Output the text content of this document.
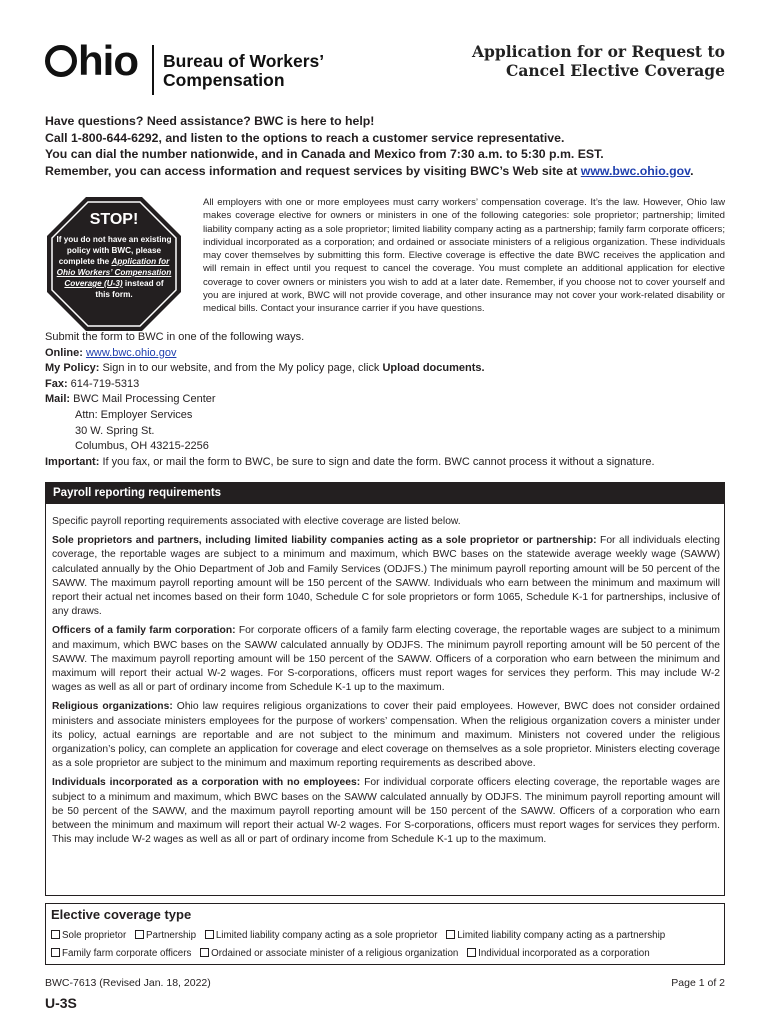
hio Bureau of Workers’
Compensation
Application for or Request to
Cancel Elective Coverage
Have questions? Need assistance? BWC is here to help!
Call 1-800-644-6292, and listen to the options to reach a customer service representative.
You can dial the number nationwide, and in Canada and Mexico from 7:30 a.m. to 5:30 p.m. EST.
Remember, you can access information and request services by visiting BWC’s Web site at www.bwc.ohio.gov.
STOP!
If you do not have an existing policy with BWC, please complete the Application for Ohio Workers’ Compensation Coverage (U-3) instead of this form.
All employers with one or more employees must carry workers’ compensation coverage. It’s the law. However, Ohio law makes coverage elective for owners or ministers in one of the following categories: sole proprietor; partnership; limited liability company acting as a sole proprietor; limited liability company acting as a partnership; family farm corporate officers; individual incorporated as a corporation; and ordained or associate ministers of a religious organization. These individuals may cover themselves by submitting this form. Elective coverage is effective the date BWC receives the application and will remain in effect until you request to cancel the coverage. You must complete an additional application for elective coverage to cover owners or ministers you wish to add at a later date. Remember, if you choose not to cover yourself and you are injured at work, BWC will not provide coverage, and other insurance may not cover your work-related disability or medical bills. Contact your insurance carrier if you have questions.
Submit the form to BWC in one of the following ways.
Online: www.bwc.ohio.gov
My Policy: Sign in to our website, and from the My policy page, click Upload documents.
Fax: 614-719-5313
Mail: BWC Mail Processing Center
Attn: Employer Services
30 W. Spring St.
Columbus, OH 43215-2256
Important: If you fax, or mail the form to BWC, be sure to sign and date the form. BWC cannot process it without a signature.
Payroll reporting requirements

Specific payroll reporting requirements associated with elective coverage are listed below.

Sole proprietors and partners, including limited liability companies acting as a sole proprietor or partnership: For all individuals electing coverage, the reportable wages are subject to a minimum and maximum, which BWC bases on the statewide average weekly wage (SAWW) calculated annually by the Ohio Department of Job and Family Services (ODJFS.) The minimum payroll reporting amount will be 50 percent of the SAWW. The maximum payroll reporting amount will be 150 percent of the SAWW. Individuals who earn between the minimum and maximum will report their actual net incomes based on their form 1040, Schedule C for sole proprietors or form 1065, Schedule K-1 for partnerships, inclusive of any draws.

Officers of a family farm corporation: For corporate officers of a family farm electing coverage, the reportable wages are subject to a minimum and maximum, which BWC bases on the SAWW calculated annually by ODJFS. The minimum payroll reporting amount will be 50 percent of the SAWW. The maximum payroll reporting amount will be 150 percent of the SAWW. Officers of a corporation who earn between the minimum and maximum will report their actual W-2 wages. For S-corporations, officers must report wages for services they perform. This may include W-2 wages as well as all or part of ordinary income from Schedule K-1 up to the maximum.

Religious organizations: Ohio law requires religious organizations to cover their paid employees. However, BWC does not consider ordained ministers and associate ministers employees for the purpose of workers’ compensation. When the religious organization covers a minister under its policy, actual earnings are reportable and are not subject to the minimum and maximum. Ministers not covered under the religious organization’s policy, can complete an application for coverage and elect coverage on themselves as a sole proprietor. Ministers electing coverage as a sole proprietor are subject to the minimum and maximum reporting requirements as described above.

Individuals incorporated as a corporation with no employees: For individual corporate officers electing coverage, the reportable wages are subject to a minimum and maximum, which BWC bases on the SAWW calculated annually by ODJFS. The minimum payroll reporting amount will be 50 percent of the SAWW, and the maximum payroll reporting amount will be 150 percent of the SAWW. Officers of a corporation who earn between the minimum and maximum will report their actual W-2 wages. For S-corporations, officers must report wages for services they perform. This may include W-2 wages as well as all or part of ordinary income from Schedule K-1 up to the maximum.

Elective coverage type
Sole proprietor Partnership Limited liability company acting as a sole proprietor Limited liability company acting as a partnership
Family farm corporate officers Ordained or associate minister of a religious organization Individual incorporated as a corporation
BWC-7613 (Revised Jan. 18, 2022)	Page 1 of 2
U-3S
